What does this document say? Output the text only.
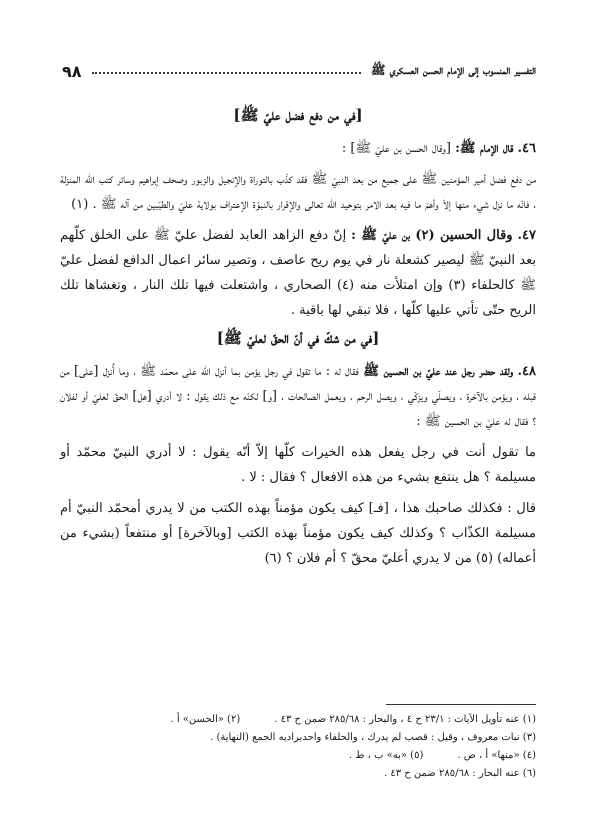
٩٨	التفسير المنسوب إلى الإمام الحسن العسكري ﷺ
[في من دفع فضل عليّ ﷺ]

٤٦. قال الإمام ﷺ: [وقال الحسن بن عليّ ﷺ] :

من دفع فضل أمير المؤمنين ﷺ على جميع من بعد النبيّ ﷺ فقد كذّب بالتوراة والإنجيل والزبور وصحف إبراهيم وسائر كتب الله المنزلة ، فانّه ما نزل شيء منها إلاّ وأهمّ ما فيه بعد الامر بتوحيد الله تعالى والإقرار بالنبوّة الإعتراف بولاية عليّ والطيّبين من آله ﷺ . (١)

٤٧. وقال الحسين (٢) بن عليّ ﷺ : إنّ دفع الزاهد العابد لفضل عليّ ﷺ على الخلق كلّهم بعد النبيّ ﷺ ليصير كشعلة نار في يوم ريح عاصف ، وتصير سائر اعمال الدافع لفضل عليّ ﷺ كالحلفاء (٣) وإن امتلأت منه (٤) الصحاري ، واشتعلت فيها تلك النار ، وتغشاها تلك الريح حتّى تأتي عليها كلّها ، فلا تبقي لها باقية .

[في من شكّ في أنّ الحقّ لعليّ ﷺ]

٤٨. ولقد حضر رجل عند عليّ بن الحسين ﷺ فقال له : ما تقول في رجل يؤمن بما أنزل الله على محمّد ﷺ ، وما أُنزل [على] من قبله ، ويؤمن بالآخرة ، ويصلّي ويزكّي ، ويصل الرحم ، ويعمل الصالحات ، [و] لكنّه مع ذلك يقول : لا أدري [هل] الحقّ لعليّ أو لفلان ؟ فقال له عليّ بن الحسين ﷺ :

ما تقول أنت في رجل يفعل هذه الخيرات كلّها إلاّ أنّه يقول : لا أدري النبيّ محمّد أو مسيلمة ؟ هل ينتفع بشيء من هذه الافعال ؟ فقال : لا .

قال : فكذلك صاحبك هذا ، [فـ] كيف يكون مؤمناً بهذه الكتب من لا يدري أمحمّد النبيّ أم مسيلمة الكذّاب ؟ وكذلك كيف يكون مؤمناً بهذه الكتب [وبالآخرة] أو منتفعاً (بشيء من أعماله) (٥) من لا يدري أعليّ محقّ ؟ أم فلان ؟ (٦)

(١) عنه تأويل الآيات : ٢٣/١ ح ٤ ، والبحار : ٢٨٥/٦٨ ضمن ح ٤٣ .

(٢) «الحسن» أ .

(٣) نبات معروف ، وقيل : قصب لم يدرك ، والحلفاء واحدبراديه الجمع (النهاية) .

(٤) «منها» أ ، ص .

(٥) «به» ب ، ط .

(٦) عنه البحار : ٢٨٥/٦٨ ضمن ح ٤٣ .
